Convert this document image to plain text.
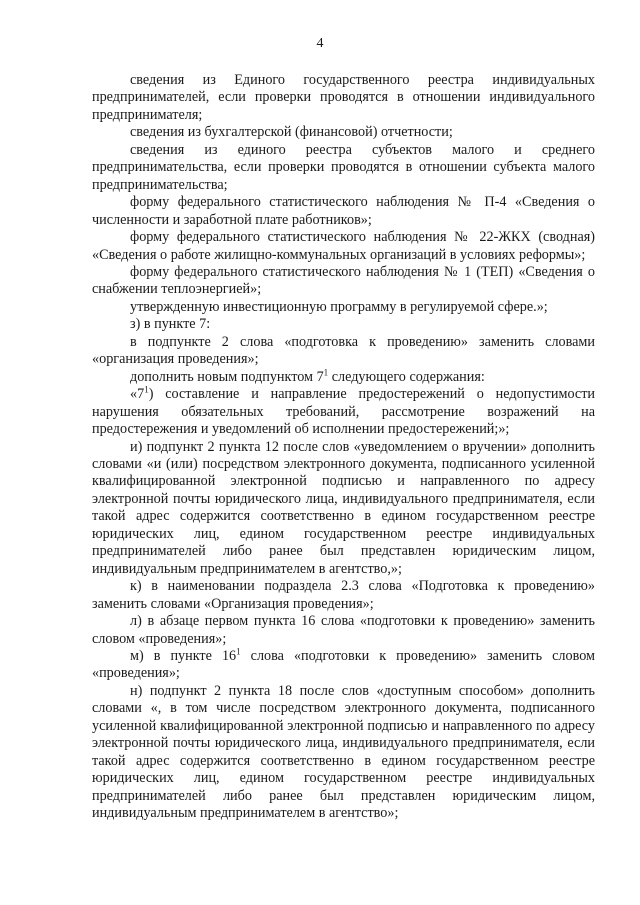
4

сведения из Единого государственного реестра индивидуальных предпринимателей, если проверки проводятся в отношении индивидуального предпринимателя;

сведения из бухгалтерской (финансовой) отчетности;

сведения из единого реестра субъектов малого и среднего предпринимательства, если проверки проводятся в отношении субъекта малого предпринимательства;

форму федерального статистического наблюдения № П-4 «Сведения о численности и заработной плате работников»;

форму федерального статистического наблюдения № 22-ЖКХ (сводная) «Сведения о работе жилищно-коммунальных организаций в условиях реформы»;

форму федерального статистического наблюдения № 1 (ТЕП) «Сведения о снабжении теплоэнергией»;

утвержденную инвестиционную программу в регулируемой сфере.»;

з) в пункте 7:

в подпункте 2 слова «подготовка к проведению» заменить словами «организация проведения»;

дополнить новым подпунктом $7^1$ следующего содержания:

«$7^1$) составление и направление предостережений о недопустимости нарушения обязательных требований, рассмотрение возражений на предостережения и уведомлений об исполнении предостережений;»;

и) подпункт 2 пункта 12 после слов «уведомлением о вручении» дополнить словами «и (или) посредством электронного документа, подписанного усиленной квалифицированной электронной подписью и направленного по адресу электронной почты юридического лица, индивидуального предпринимателя, если такой адрес содержится соответственно в едином государственном реестре юридических лиц, едином государственном реестре индивидуальных предпринимателей либо ранее был представлен юридическим лицом, индивидуальным предпринимателем в агентство,»;

к) в наименовании подраздела 2.3 слова «Подготовка к проведению» заменить словами «Организация проведения»;

л) в абзаце первом пункта 16 слова «подготовки к проведению» заменить словом «проведения»;

м) в пункте $16^1$ слова «подготовки к проведению» заменить словом «проведения»;

н) подпункт 2 пункта 18 после слов «доступным способом» дополнить словами «, в том числе посредством электронного документа, подписанного усиленной квалифицированной электронной подписью и направленного по адресу электронной почты юридического лица, индивидуального предпринимателя, если такой адрес содержится соответственно в едином государственном реестре юридических лиц, едином государственном реестре индивидуальных предпринимателей либо ранее был представлен юридическим лицом, индивидуальным предпринимателем в агентство»;
